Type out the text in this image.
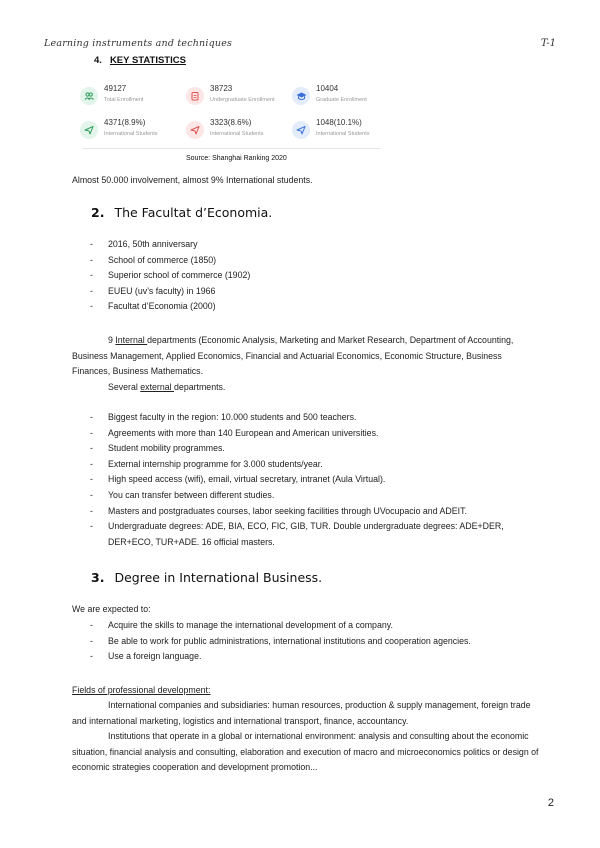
Learning instruments and techniques	T-1
4. KEY STATISTICS
49127
Total Enrollment
38723
Undergraduate Enrollment
10404
Graduate Enrollment
4371(8.9%)
International Students
3323(8.6%)
International Students
1048(10.1%)
International Students
Source: Shanghai Ranking 2020
Almost 50.000 involvement, almost 9% International students.
2. The Facultat d’Economia.
- 2016, 50th anniversary
- School of commerce (1850)
- Superior school of commerce (1902)
- EUEU (uv’s faculty) in 1966
- Facultat d’Economia (2000)
9 Internal departments (Economic Analysis, Marketing and Market Research, Department of Accounting, Business Management, Applied Economics, Financial and Actuarial Economics, Economic Structure, Business Finances, Business Mathematics.
Several external departments.
- Biggest faculty in the region: 10.000 students and 500 teachers.
- Agreements with more than 140 European and American universities.
- Student mobility programmes.
- External internship programme for 3.000 students/year.
- High speed access (wifi), email, virtual secretary, intranet (Aula Virtual).
- You can transfer between different studies.
- Masters and postgraduates courses, labor seeking facilities through UVocupacio and ADEIT.
- Undergraduate degrees: ADE, BIA, ECO, FIC, GIB, TUR. Double undergraduate degrees: ADE+DER, DER+ECO, TUR+ADE. 16 official masters.
3. Degree in International Business.
We are expected to:
- Acquire the skills to manage the international development of a company.
- Be able to work for public administrations, international institutions and cooperation agencies.
- Use a foreign language.
Fields of professional development:
International companies and subsidiaries: human resources, production & supply management, foreign trade and international marketing, logistics and international transport, finance, accountancy.
Institutions that operate in a global or international environment: analysis and consulting about the economic situation, financial analysis and consulting, elaboration and execution of macro and microeconomics politics or design of economic strategies cooperation and development promotion...
2
